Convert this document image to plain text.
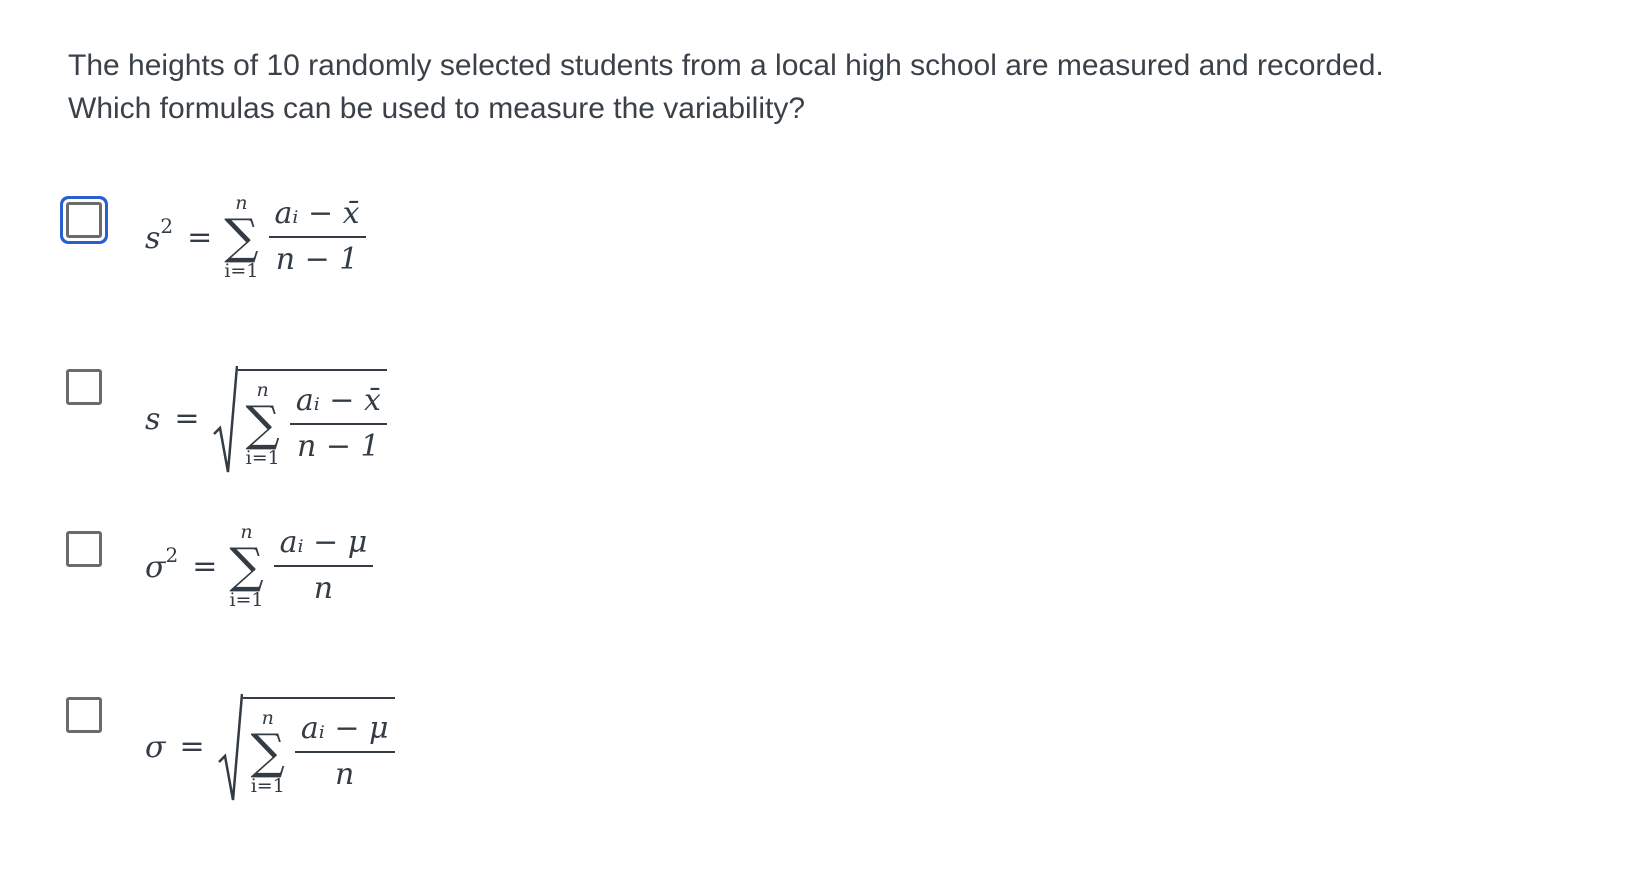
The heights of 10 randomly selected students from a local high school are measured and recorded.
Which formulas can be used to measure the variability?
$s^2$ =
n
∑
$i=1 \frac{\text{aᵢ − x̄}}{n - 1}$
s =
n
∑
$i=1 \frac{\text{aᵢ − x̄}}{n - 1}$
$\sigma^2$ =
n
∑
$i=1 \frac{\text{aᵢ − μ}}{n}$
σ =
n
∑
$i=1 \frac{\text{aᵢ − μ}}{n}$
